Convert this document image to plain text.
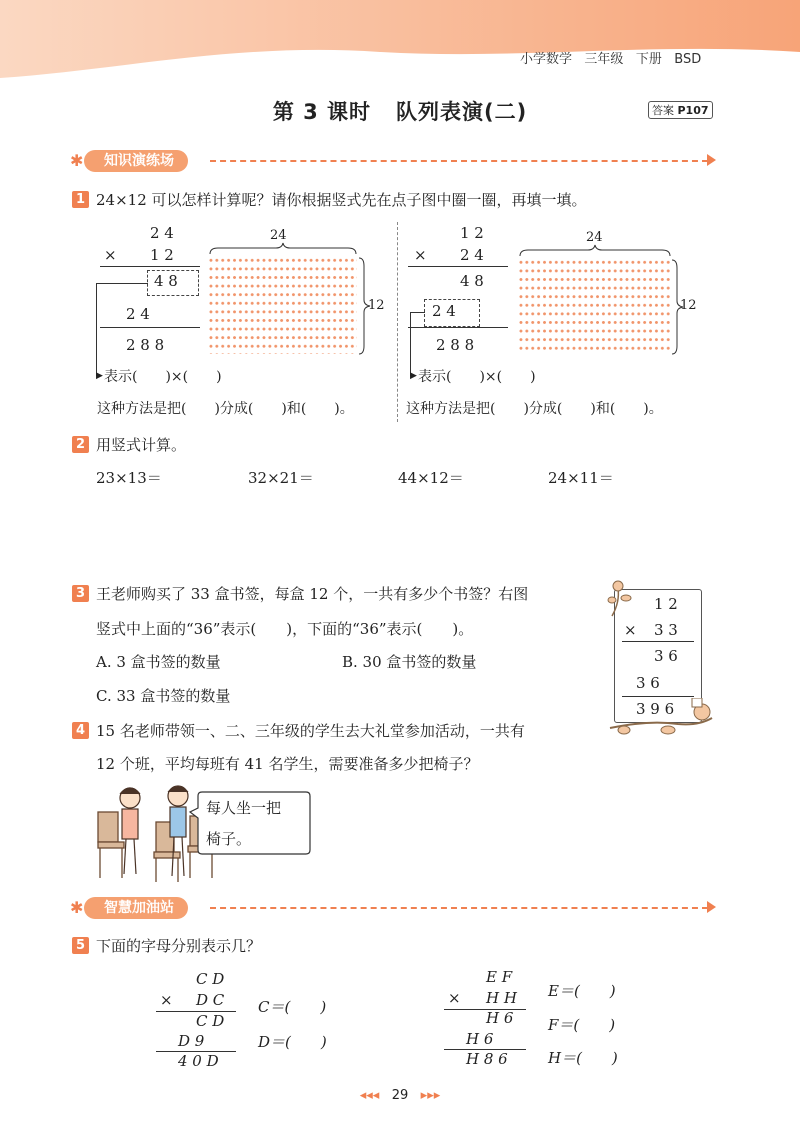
小学数学 三年级 下册 BSD
第 3 课时 队列表演(二)	答案 P107
✱	知识演练场
1 24×12 可以怎样计算呢？请你根据竖式先在点子图中圈一圈，再填一填。
2 4
× 1 2
4 8
2 4
2 8 8
▶ 表示(　　)×(　　)
这种方法是把(　　)分成(　　)和(　　)。
24
12
1 2
× 2 4
4 8
2 4
2 8 8
▶ 表示(　　)×(　　)
这种方法是把(　　)分成(　　)和(　　)。
24
12
2 用竖式计算。
23×13＝	32×21＝	44×12＝	24×11＝
3 王老师购买了 33 盒书签，每盒 12 个，一共有多少个书签？右图
竖式中上面的“36”表示(　　)，下面的“36”表示(　　)。
A. 3 盒书签的数量	B. 30 盒书签的数量
C. 33 盒书签的数量
1 2
× 3 3
3 6
3 6
3 9 6
4 15 名老师带领一、二、三年级的学生去大礼堂参加活动，一共有
12 个班，平均每班有 41 名学生，需要准备多少把椅子？
每人坐一把
椅子。
✱	智慧加油站
5 下面的字母分别表示几？
C D
× D C
C D
D 9
4 0 D
C＝(　　)
D＝(　　)
E F
× H H
H 6
H 6
H 8 6
E＝(　　)
F＝(　　)
H＝(　　)
◂◂◂ 29 ▸▸▸
